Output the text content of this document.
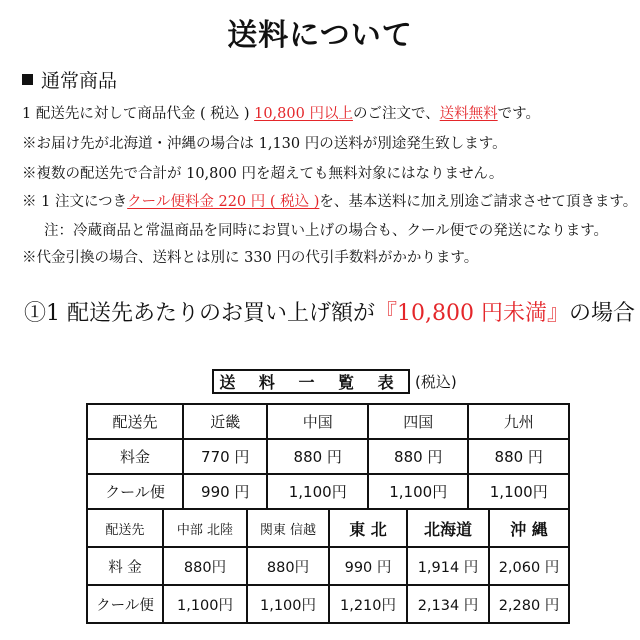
送料について
通常商品
1 配送先に対して商品代金 ( 税込 ) 10,800 円以上のご注文で、送料無料です。
※お届け先が北海道・沖縄の場合は 1,130 円の送料が別途発生致します。
※複数の配送先で合計が 10,800 円を超えても無料対象にはなりません。
※ 1 注文につきクール便料金 220 円 ( 税込 )を、基本送料に加え別途ご請求させて頂きます。
注：冷蔵商品と常温商品を同時にお買い上げの場合も、クール便での発送になります。
※代金引換の場合、送料とは別に 330 円の代引手数料がかかります。
①1 配送先あたりのお買い上げ額が『10,800 円未満』の場合
送 料 一 覧 表 (税込)
配送先	近畿	中国	四国	九州
料金	770 円	880 円	880 円	880 円
クール便	990 円	1,100円	1,100円	1,100円
配送先	中部 北陸	関東 信越	東 北	北海道	沖 縄
料 金	880円	880円	990 円	1,914 円	2,060 円
クール便	1,100円	1,100円	1,210円	2,134 円	2,280 円
